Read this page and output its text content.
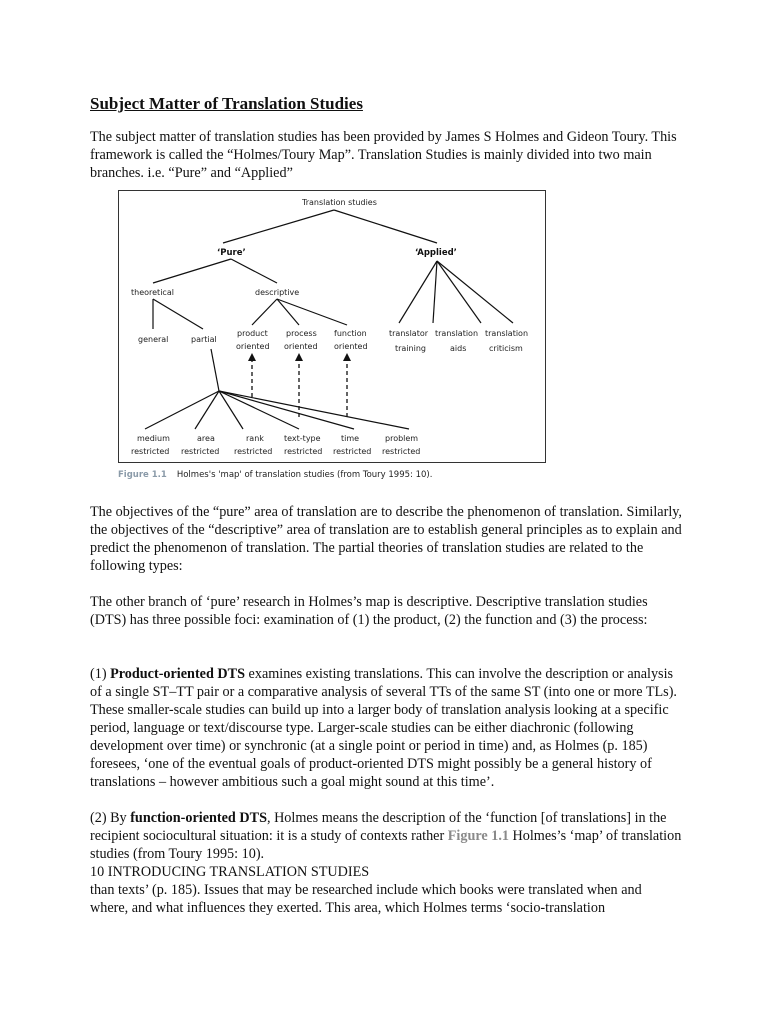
Subject Matter of Translation Studies

The subject matter of translation studies has been provided by James S Holmes and Gideon Toury. This framework is called the “Holmes/Toury Map”. Translation Studies is mainly divided into two main branches. i.e. “Pure” and “Applied”

Translation studies
‘Pure’	‘Applied’
theoretical	descriptive
general	partial
product
oriented
process
oriented
function
oriented
translator
training
translation
aids
translation
criticism
medium
restricted
area
restricted
rank
restricted
text-type
restricted
time
restricted
problem
restricted
Figure 1.1 Holmes's 'map' of translation studies (from Toury 1995: 10).

The objectives of the “pure” area of translation are to describe the phenomenon of translation. Similarly, the objectives of the “descriptive” area of translation are to establish general principles as to explain and predict the phenomenon of translation. The partial theories of translation studies are related to the following types:

The other branch of ‘pure’ research in Holmes’s map is descriptive. Descriptive translation studies (DTS) has three possible foci: examination of (1) the product, (2) the function and (3) the process:

(1) Product-oriented DTS examines existing translations. This can involve the description or analysis of a single ST–TT pair or a comparative analysis of several TTs of the same ST (into one or more TLs). These smaller-scale studies can build up into a larger body of translation analysis looking at a specific period, language or text/discourse type. Larger-scale studies can be either diachronic (following development over time) or synchronic (at a single point or period in time) and, as Holmes (p. 185) foresees, ‘one of the eventual goals of product-oriented DTS might possibly be a general history of translations – however ambitious such a goal might sound at this time’.

(2) By function-oriented DTS, Holmes means the description of the ‘function [of translations] in the recipient sociocultural situation: it is a study of contexts rather Figure 1.1 Holmes’s ‘map’ of translation studies (from Toury 1995: 10).

10 INTRODUCING TRANSLATION STUDIES

than texts’ (p. 185). Issues that may be researched include which books were translated when and where, and what influences they exerted. This area, which Holmes terms ‘socio-translation
